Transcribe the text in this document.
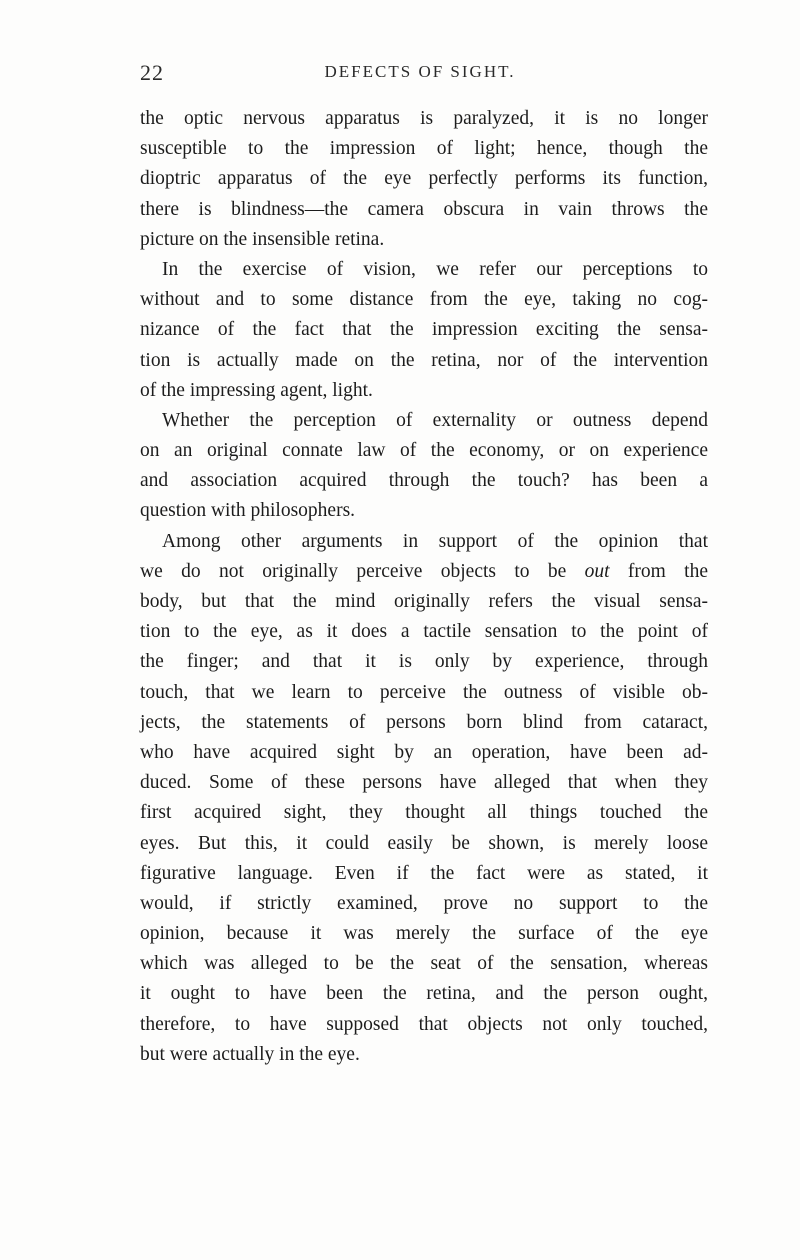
22	DEFECTS OF SIGHT.
the optic nervous apparatus is paralyzed, it is no longer
susceptible to the impression of light; hence, though the
dioptric apparatus of the eye perfectly performs its function,
there is blindness—the camera obscura in vain throws the
picture on the insensible retina.
In the exercise of vision, we refer our perceptions to
without and to some distance from the eye, taking no cog-
nizance of the fact that the impression exciting the sensa-
tion is actually made on the retina, nor of the intervention
of the impressing agent, light.
Whether the perception of externality or outness depend
on an original connate law of the economy, or on experience
and association acquired through the touch? has been a
question with philosophers.
Among other arguments in support of the opinion that
we do not originally perceive objects to be out from the
body, but that the mind originally refers the visual sensa-
tion to the eye, as it does a tactile sensation to the point of
the finger; and that it is only by experience, through
touch, that we learn to perceive the outness of visible ob-
jects, the statements of persons born blind from cataract,
who have acquired sight by an operation, have been ad-
duced. Some of these persons have alleged that when they
first acquired sight, they thought all things touched the
eyes. But this, it could easily be shown, is merely loose
figurative language. Even if the fact were as stated, it
would, if strictly examined, prove no support to the
opinion, because it was merely the surface of the eye
which was alleged to be the seat of the sensation, whereas
it ought to have been the retina, and the person ought,
therefore, to have supposed that objects not only touched,
but were actually in the eye.
